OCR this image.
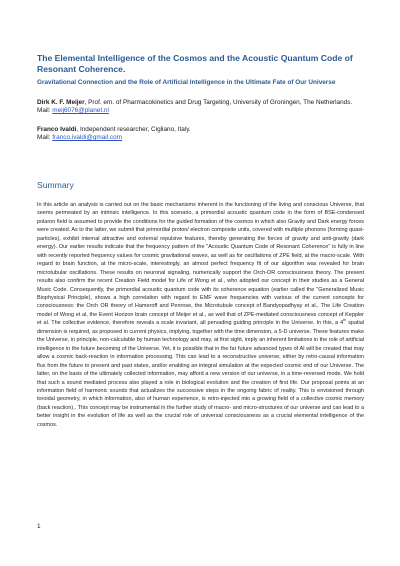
The Elemental Intelligence of the Cosmos and the Acoustic Quantum Code of Resonant Coherence.
Gravitational Connection and the Role of Artificial Intelligence in the Ultimate Fate of Our Universe
Dirk K. F. Meijer, Prof. em. of Pharmacokinetics and Drug Targeting, University of Groningen, The Netherlands.
Mail: meij6076@planet.nl
Franco Ivaldi, Independent researcher, Cigliano, Italy.
Mail: franco.ivaldi@gmail.com
Summary
In this article an analysis is carried out on the basic mechanisms inherent in the functioning of the living and conscious Universe, that seems permeated by an intrinsic intelligence. In this scenario, a primordial acoustic quantum code in the form of BSE-condensed polaron field is assumed to provide the conditions for the guided formation of the cosmos in which also Gravity and Dark energy forces were created. As to the latter, we submit that primordial proton/ electron composite units, covered with multiple phonons (forming quasi-particles), exhibit internal attractive and external repulsive features, thereby generating the forces of gravity and anti-gravity (dark energy). Our earlier results indicate that the frequency pattern of the "Acoustic Quantum Code of Resonant Coherence" is fully in line with recently reported frequency values for cosmic gravitational waves, as well as for oscillations of ZPE field, at the macro-scale. With regard to brain function, at the micro-scale, interestingly, an almost perfect frequency fit of our algorithm was revealed for brain microtubular oscillations. These results on neuronal signaling, numerically support the Orch-OR consciousness theory. The present results also confirm the recent Creation Field model for Life of Wong et al., who adopted our concept in their studies as a General Music Code. Consequently, the primordial acoustic quantum code with its coherence equation (earlier called the "Generalized Music Biophysical Principle), shows a high correlation with regard to EMF wave frequencies with various of the current concepts for consciousness: the Orch OR theory of Hameroff and Penrose, the Microtubule concept of Bandyopadhyay et al., The Life Creation model of Wong et al, the Event Horizon brain concept of Meijer et al., as well that of ZPE-mediated consciousness concept of Keppler et al. The collective evidence, therefore reveals a scale invariant, all pervading guiding principle in the Universe. In this, a 4th spatial dimension is required, as proposed in current physics, implying, together with the time dimension, a 5-D universe. These features make the Universe, in principle, non-calculable by human technology and may, at first sight, imply an inherent limitations in the role of artificial intelligence in the future becoming of the Universe. Yet, it is possible that in the far future advanced types of AI will be created that may allow a cosmic back-reaction in information processing. This can lead to a reconstructive universe, either by retro-causal information flux from the future to present and past states, and/or enabling an integral simulation at the expected cosmic end of our Universe. The latter, on the basis of the ultimately collected information, may afford a new version of our universe, in a time-reversed mode. We hold that such a sound mediated process also played a role in biological evolution and the creation of first life. Our proposal points at an information field of harmonic sounds that actualizes the successive steps in the ongoing fabric of reality. This is envisioned through toroidal geometry, in which information, also of human experience, is retro-injected into a growing field of a collective cosmic memory (back reaction).. This concept may be instrumental in the further study of macro- and micro-structures of our universe and can lead to a better insight in the evolution of life as well as the crucial role of universal consciousness as a crucial elemental intelligence of the cosmos.
1
